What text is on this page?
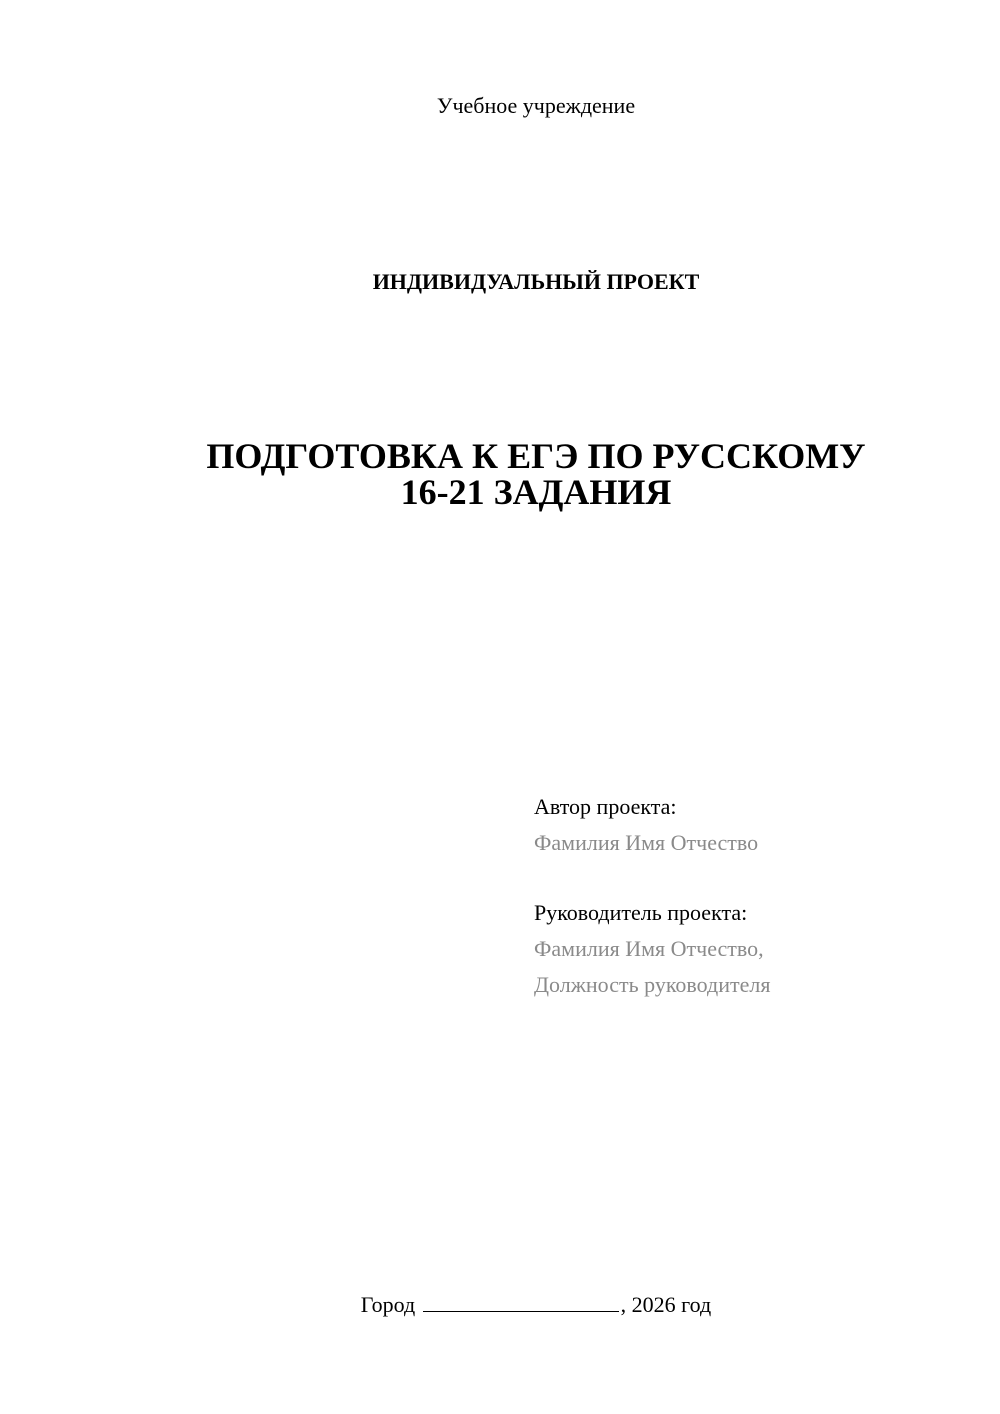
Учебное учреждение
ИНДИВИДУАЛЬНЫЙ ПРОЕКТ
ПОДГОТОВКА К ЕГЭ ПО РУССКОМУ
16-21 ЗАДАНИЯ
Автор проекта:
Фамилия Имя Отчество
Руководитель проекта:
Фамилия Имя Отчество,
Должность руководителя
Город	, 2026 год
